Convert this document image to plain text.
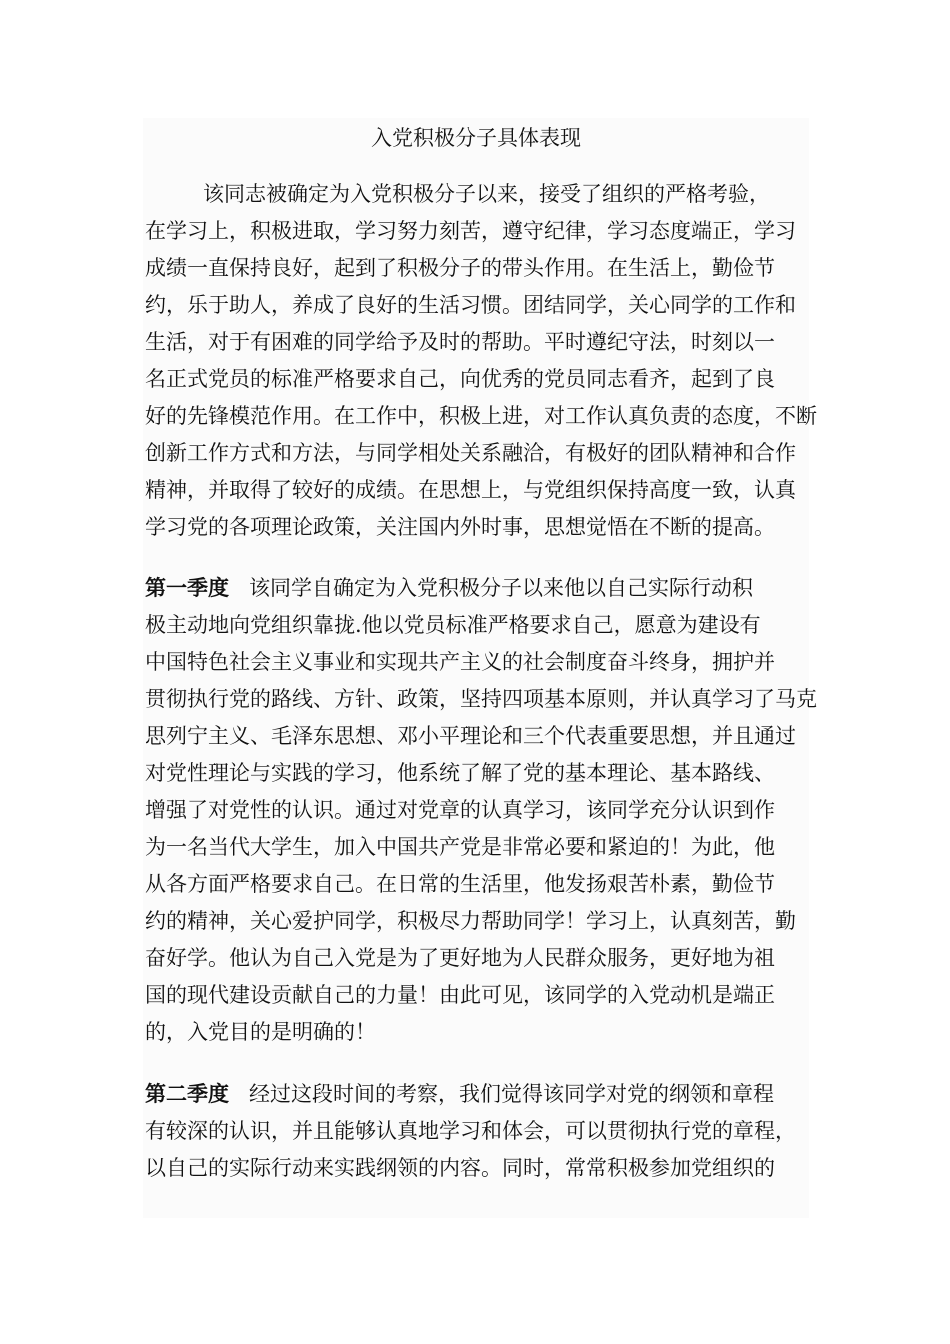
入党积极分子具体表现
该同志被确定为入党积极分子以来，接受了组织的严格考验，
在学习上，积极进取，学习努力刻苦，遵守纪律，学习态度端正，学习
成绩一直保持良好，起到了积极分子的带头作用。在生活上，勤俭节
约，乐于助人，养成了良好的生活习惯。团结同学，关心同学的工作和
生活，对于有困难的同学给予及时的帮助。平时遵纪守法，时刻以一
名正式党员的标准严格要求自己，向优秀的党员同志看齐，起到了良
好的先锋模范作用。在工作中，积极上进，对工作认真负责的态度，不断
创新工作方式和方法，与同学相处关系融洽，有极好的团队精神和合作
精神，并取得了较好的成绩。在思想上，与党组织保持高度一致，认真
学习党的各项理论政策，关注国内外时事，思想觉悟在不断的提高。
第一季度 该同学自确定为入党积极分子以来他以自己实际行动积
极主动地向党组织靠拢.他以党员标准严格要求自己，愿意为建设有
中国特色社会主义事业和实现共产主义的社会制度奋斗终身，拥护并
贯彻执行党的路线、方针、政策，坚持四项基本原则，并认真学习了马克
思列宁主义、毛泽东思想、邓小平理论和三个代表重要思想，并且通过
对党性理论与实践的学习，他系统了解了党的基本理论、基本路线、
增强了对党性的认识。通过对党章的认真学习，该同学充分认识到作
为一名当代大学生，加入中国共产党是非常必要和紧迫的！为此，他
从各方面严格要求自己。在日常的生活里，他发扬艰苦朴素，勤俭节
约的精神，关心爱护同学，积极尽力帮助同学！学习上，认真刻苦，勤
奋好学。他认为自己入党是为了更好地为人民群众服务，更好地为祖
国的现代建设贡献自己的力量！由此可见，该同学的入党动机是端正
的，入党目的是明确的！
第二季度 经过这段时间的考察，我们觉得该同学对党的纲领和章程
有较深的认识，并且能够认真地学习和体会，可以贯彻执行党的章程，
以自己的实际行动来实践纲领的内容。同时，常常积极参加党组织的
